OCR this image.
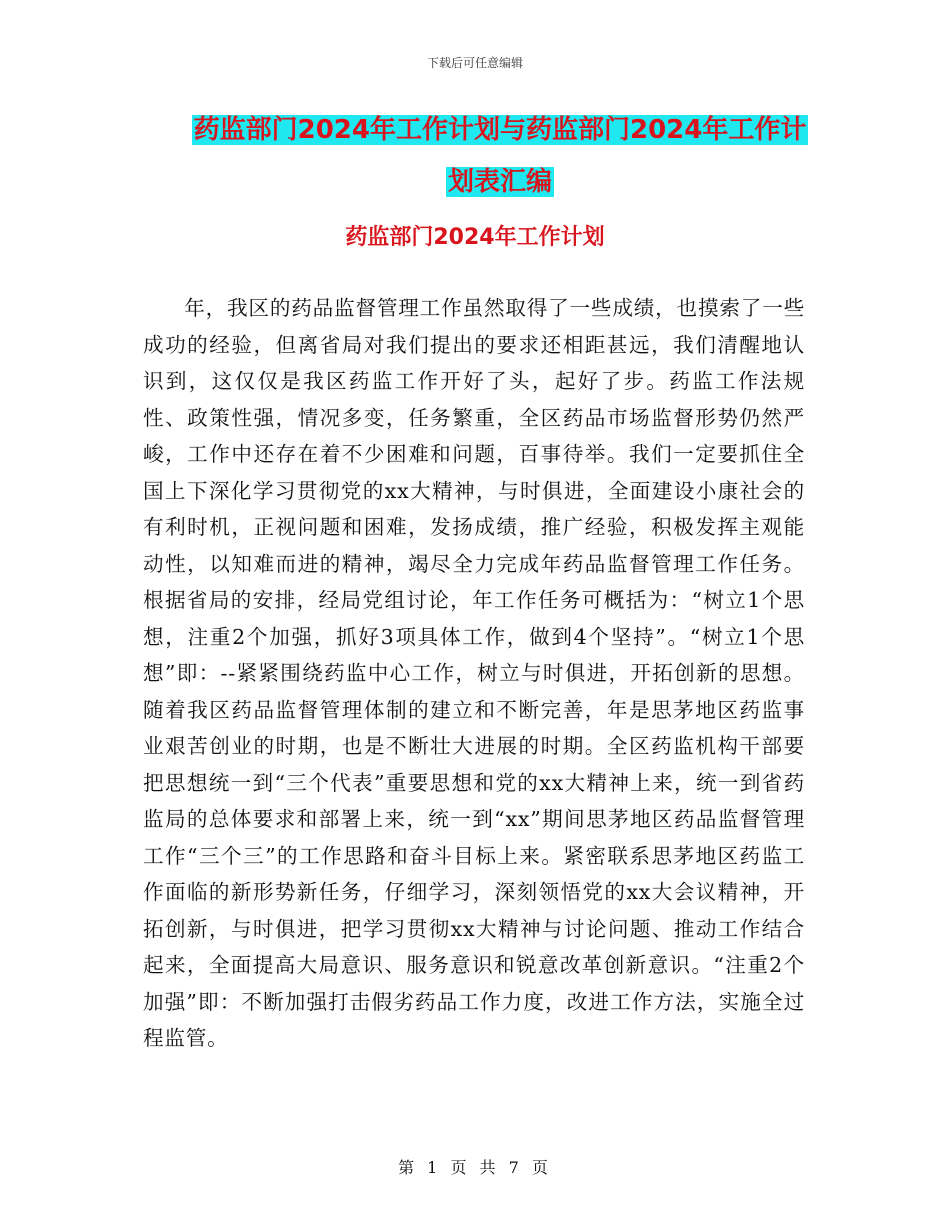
下载后可任意编辑
药监部门2024年工作计划与药监部门2024年工作计
划表汇编
药监部门2024年工作计划

年，我区的药品监督管理工作虽然取得了一些成绩，也摸索了一些成功的经验，但离省局对我们提出的要求还相距甚远，我们清醒地认识到，这仅仅是我区药监工作开好了头，起好了步。药监工作法规性、政策性强，情况多变，任务繁重，全区药品市场监督形势仍然严峻，工作中还存在着不少困难和问题，百事待举。我们一定要抓住全国上下深化学习贯彻党的xx大精神，与时俱进，全面建设小康社会的有利时机，正视问题和困难，发扬成绩，推广经验，积极发挥主观能动性，以知难而进的精神，竭尽全力完成年药品监督管理工作任务。根据省局的安排，经局党组讨论，年工作任务可概括为：“树立1个思想，注重2个加强，抓好3项具体工作，做到4个坚持”。“树立1个思想”即：--紧紧围绕药监中心工作，树立与时俱进，开拓创新的思想。随着我区药品监督管理体制的建立和不断完善，年是思茅地区药监事业艰苦创业的时期，也是不断壮大进展的时期。全区药监机构干部要把思想统一到“三个代表”重要思想和党的xx大精神上来，统一到省药监局的总体要求和部署上来，统一到“xx”期间思茅地区药品监督管理工作“三个三”的工作思路和奋斗目标上来。紧密联系思茅地区药监工作面临的新形势新任务，仔细学习，深刻领悟党的xx大会议精神，开拓创新，与时俱进，把学习贯彻xx大精神与讨论问题、推动工作结合起来，全面提高大局意识、服务意识和锐意改革创新意识。“注重2个加强”即：不断加强打击假劣药品工作力度，改进工作方法，实施全过程监管。

第 1 页 共 7 页
